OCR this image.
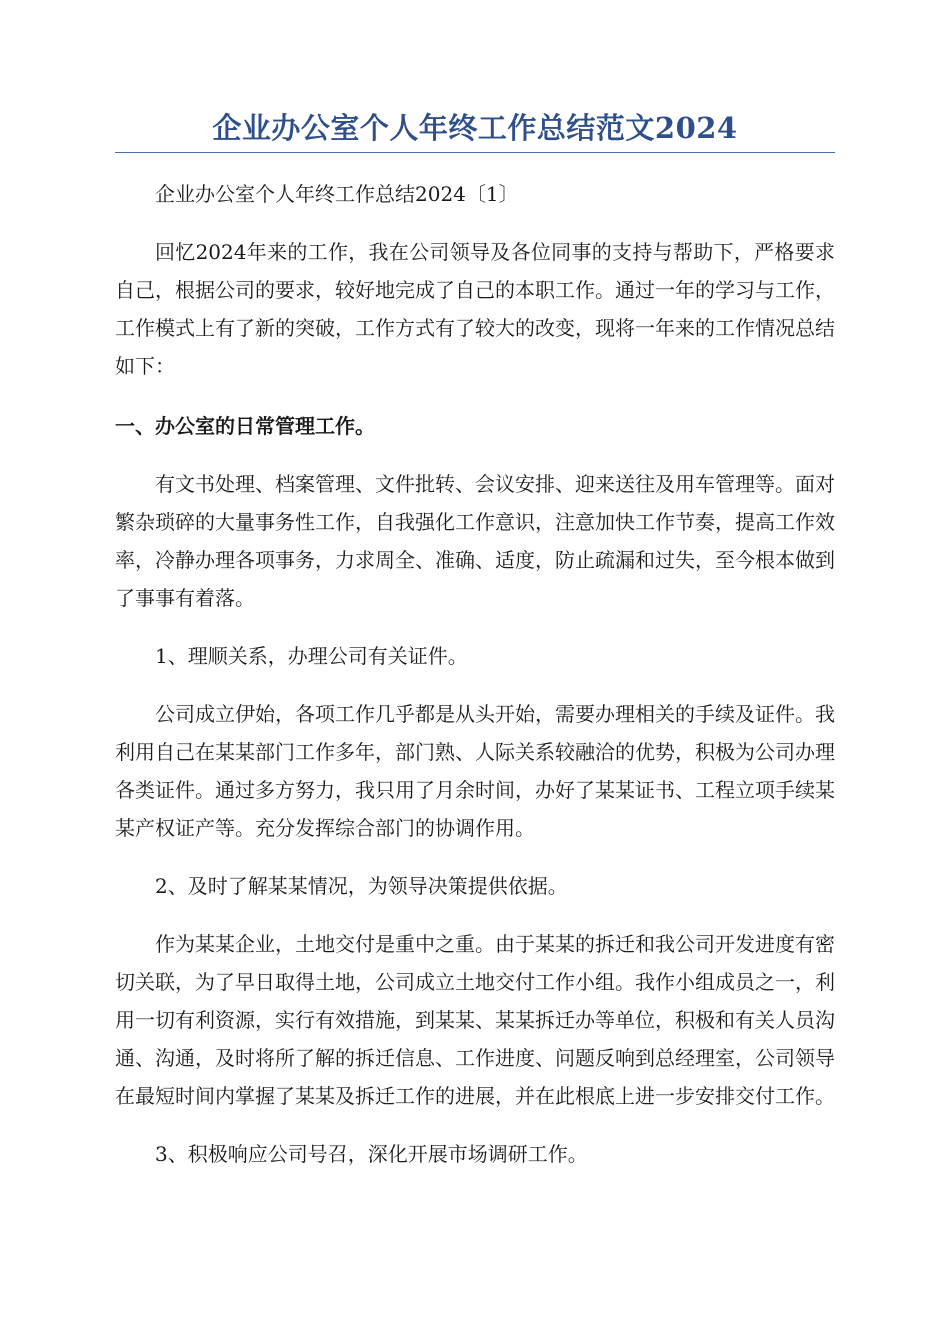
企业办公室个人年终工作总结范文2024

企业办公室个人年终工作总结2024〔1〕

回忆2024年来的工作，我在公司领导及各位同事的支持与帮助下，严格要求自己，根据公司的要求，较好地完成了自己的本职工作。通过一年的学习与工作，工作模式上有了新的突破，工作方式有了较大的改变，现将一年来的工作情况总结如下：

一、办公室的日常管理工作。

有文书处理、档案管理、文件批转、会议安排、迎来送往及用车管理等。面对繁杂琐碎的大量事务性工作，自我强化工作意识，注意加快工作节奏，提高工作效率，冷静办理各项事务，力求周全、准确、适度，防止疏漏和过失，至今根本做到了事事有着落。

1、理顺关系，办理公司有关证件。

公司成立伊始，各项工作几乎都是从头开始，需要办理相关的手续及证件。我利用自己在某某部门工作多年，部门熟、人际关系较融洽的优势，积极为公司办理各类证件。通过多方努力，我只用了月余时间，办好了某某证书、工程立项手续某某产权证产等。充分发挥综合部门的协调作用。

2、及时了解某某情况，为领导决策提供依据。

作为某某企业，土地交付是重中之重。由于某某的拆迁和我公司开发进度有密切关联，为了早日取得土地，公司成立土地交付工作小组。我作小组成员之一，利用一切有利资源，实行有效措施，到某某、某某拆迁办等单位，积极和有关人员沟通、沟通，及时将所了解的拆迁信息、工作进度、问题反响到总经理室，公司领导在最短时间内掌握了某某及拆迁工作的进展，并在此根底上进一步安排交付工作。

3、积极响应公司号召，深化开展市场调研工作。
